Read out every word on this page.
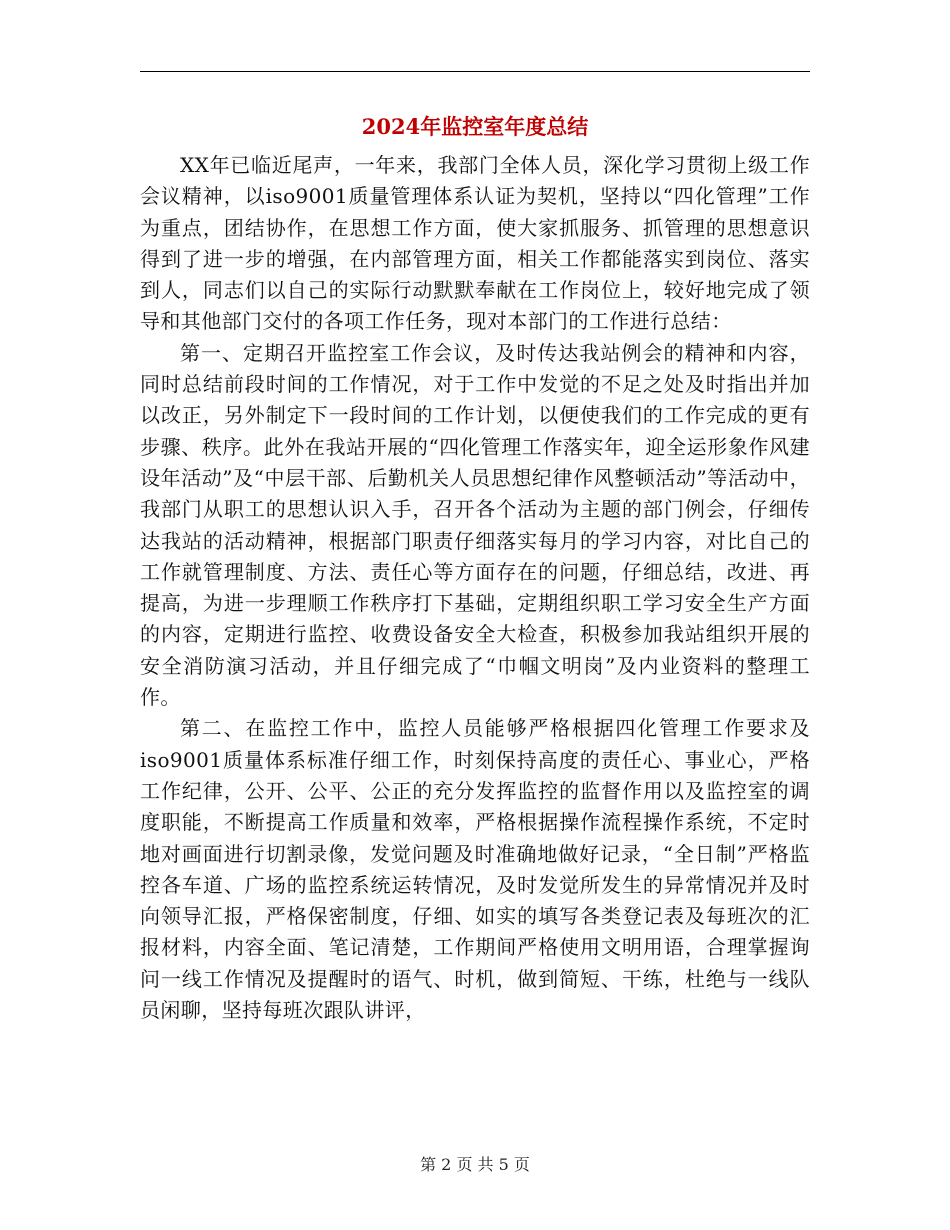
2024年监控室年度总结

XX年已临近尾声，一年来，我部门全体人员，深化学习贯彻上级工作会议精神，以iso9001质量管理体系认证为契机，坚持以“四化管理”工作为重点，团结协作，在思想工作方面，使大家抓服务、抓管理的思想意识得到了进一步的增强，在内部管理方面，相关工作都能落实到岗位、落实到人，同志们以自己的实际行动默默奉献在工作岗位上，较好地完成了领导和其他部门交付的各项工作任务，现对本部门的工作进行总结：

第一、定期召开监控室工作会议，及时传达我站例会的精神和内容，同时总结前段时间的工作情况，对于工作中发觉的不足之处及时指出并加以改正，另外制定下一段时间的工作计划，以便使我们的工作完成的更有步骤、秩序。此外在我站开展的“四化管理工作落实年，迎全运形象作风建设年活动”及“中层干部、后勤机关人员思想纪律作风整顿活动”等活动中，我部门从职工的思想认识入手，召开各个活动为主题的部门例会，仔细传达我站的活动精神，根据部门职责仔细落实每月的学习内容，对比自己的工作就管理制度、方法、责任心等方面存在的问题，仔细总结，改进、再提高，为进一步理顺工作秩序打下基础，定期组织职工学习安全生产方面的内容，定期进行监控、收费设备安全大检查，积极参加我站组织开展的安全消防演习活动，并且仔细完成了“巾帼文明岗”及内业资料的整理工作。

第二、在监控工作中，监控人员能够严格根据四化管理工作要求及iso9001质量体系标准仔细工作，时刻保持高度的责任心、事业心，严格工作纪律，公开、公平、公正的充分发挥监控的监督作用以及监控室的调度职能，不断提高工作质量和效率，严格根据操作流程操作系统，不定时地对画面进行切割录像，发觉问题及时准确地做好记录，“全日制”严格监控各车道、广场的监控系统运转情况，及时发觉所发生的异常情况并及时向领导汇报，严格保密制度，仔细、如实的填写各类登记表及每班次的汇报材料，内容全面、笔记清楚，工作期间严格使用文明用语，合理掌握询问一线工作情况及提醒时的语气、时机，做到简短、干练，杜绝与一线队员闲聊，坚持每班次跟队讲评，

第 2 页 共 5 页
